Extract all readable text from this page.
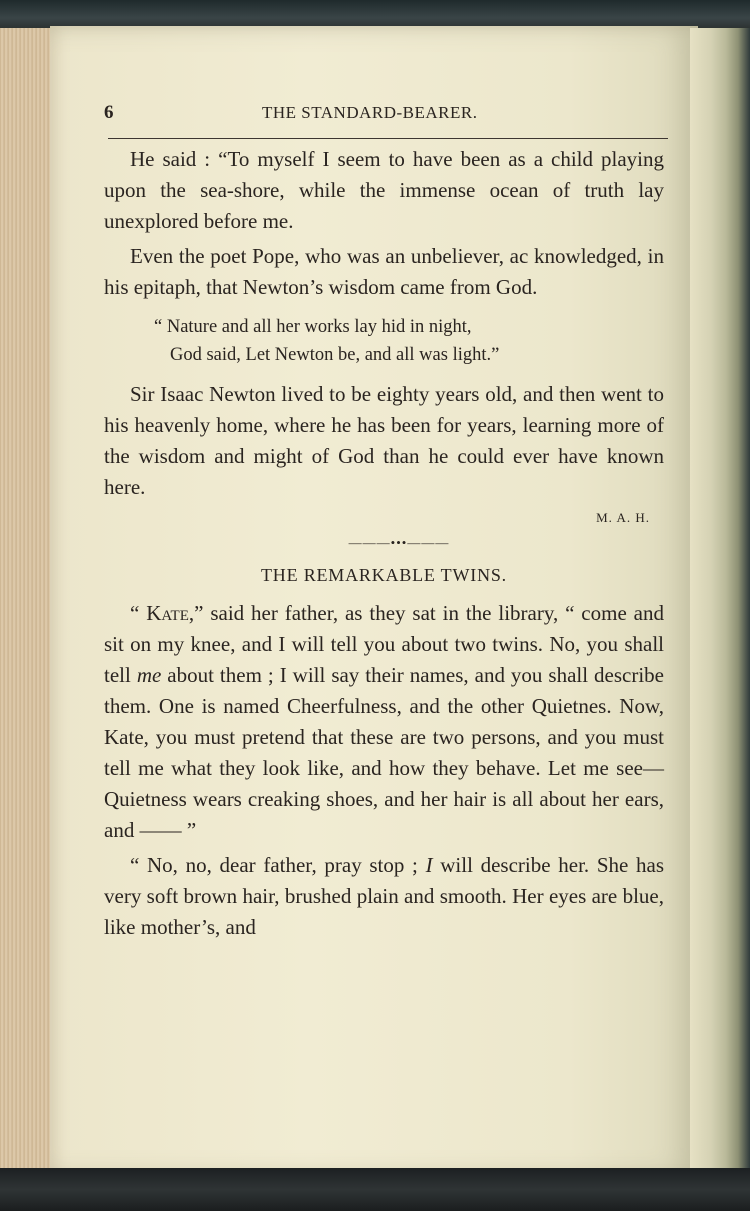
6	THE STANDARD-BEARER.

He said : “To myself I seem to have been as a child playing upon the sea-shore, while the immense ocean of truth lay unexplored before me.

Even the poet Pope, who was an unbeliever, ac knowledged, in his epitaph, that Newton’s wisdom came from God.

“ Nature and all her works lay hid in night,
God said, Let Newton be, and all was light.”

Sir Isaac Newton lived to be eighty years old, and then went to his heavenly home, where he has been for years, learning more of the wisdom and might of God than he could ever have known here.

M. A. H.
———•••———
THE REMARKABLE TWINS.

“ Kate,” said her father, as they sat in the library, “ come and sit on my knee, and I will tell you about two twins. No, you shall tell me about them ; I will say their names, and you shall describe them. One is named Cheerfulness, and the other Quietnes. Now, Kate, you must pretend that these are two persons, and you must tell me what they look like, and how they behave. Let me see— Quietness wears creaking shoes, and her hair is all about her ears, and —— ”

“ No, no, dear father, pray stop ; I will describe her. She has very soft brown hair, brushed plain and smooth. Her eyes are blue, like mother’s, and
